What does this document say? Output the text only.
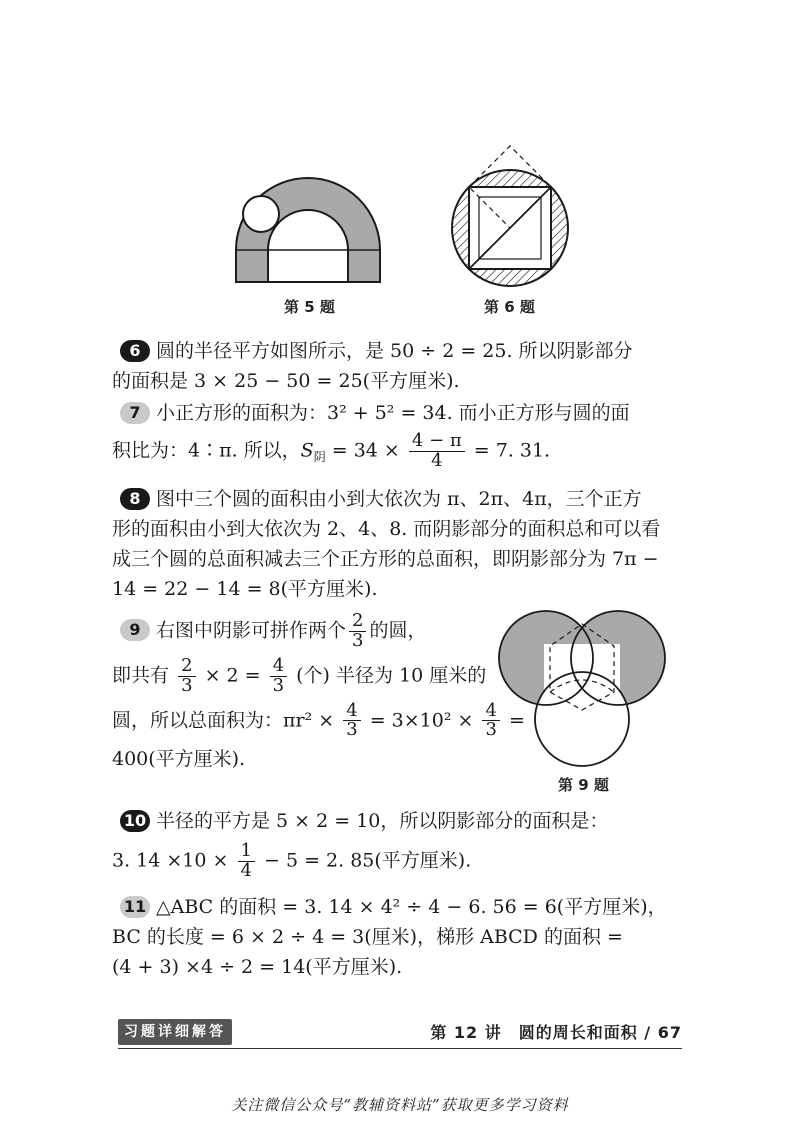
第 5 题	第 6 题
6 圆的半径平方如图所示，是 50 ÷ 2 = 25. 所以阴影部分
的面积是 3 × 25 − 50 = 25(平方厘米).
7 小正方形的面积为：3² + 5² = 34. 而小正方形与圆的面
积比为：4∶π. 所以，$S_阴 = 34 \times \frac{4 - \pi}{4} = 7$. 31.
8 图中三个圆的面积由小到大依次为 π、2π、4π，三个正方
形的面积由小到大依次为 2、4、8. 而阴影部分的面积总和可以看
成三个圆的总面积减去三个正方形的总面积，即阴影部分为 7π −
14 = 22 − 14 = 8(平方厘米).
9 右图中阴影可拼作两个 $\frac{2}{3}$ 的圆，
即共有 $\frac{2}{3} \times 2 = \frac{4}{3}$ (个) 半径为 10 厘米的
圆，所以总面积为：$\pi r^2 \times \frac{4}{3} = 3\times 10^2 \times \frac{4}{3}$ =
400(平方厘米).
第 9 题
10 半径的平方是 5 × 2 = 10，所以阴影部分的面积是：
3. $14 \times 10 \times \frac{1}{4} - 5 = 2$. 85(平方厘米).
11 △ABC 的面积 = 3. 14 × 4² ÷ 4 − 6. 56 = 6(平方厘米)，
BC 的长度 = 6 × 2 ÷ 4 = 3(厘米)，梯形 ABCD 的面积 =
(4 + 3) ×4 ÷ 2 = 14(平方厘米).
习题详细解答	第 12 讲　圆的周长和面积 / 67
关注微信公众号“教辅资料站”获取更多学习资料
